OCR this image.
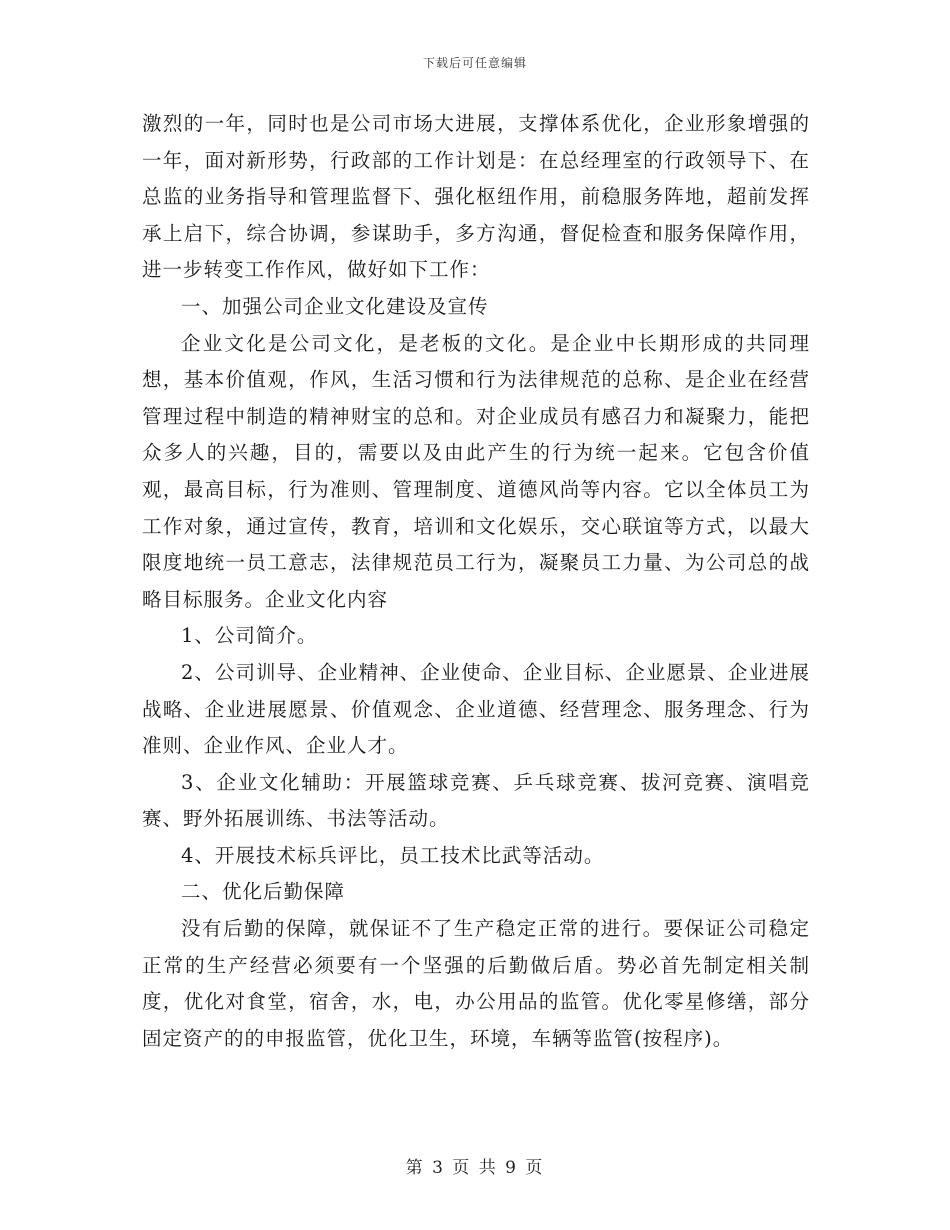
下载后可任意编辑

激烈的一年，同时也是公司市场大进展，支撑体系优化，企业形象增强的一年，面对新形势，行政部的工作计划是：在总经理室的行政领导下、在总监的业务指导和管理监督下、强化枢纽作用，前稳服务阵地，超前发挥承上启下，综合协调，参谋助手，多方沟通，督促检查和服务保障作用，进一步转变工作作风，做好如下工作：

一、加强公司企业文化建设及宣传

企业文化是公司文化，是老板的文化。是企业中长期形成的共同理想，基本价值观，作风，生活习惯和行为法律规范的总称、是企业在经营管理过程中制造的精神财宝的总和。对企业成员有感召力和凝聚力，能把众多人的兴趣，目的，需要以及由此产生的行为统一起来。它包含价值观，最高目标，行为准则、管理制度、道德风尚等内容。它以全体员工为工作对象，通过宣传，教育，培训和文化娱乐，交心联谊等方式，以最大限度地统一员工意志，法律规范员工行为，凝聚员工力量、为公司总的战略目标服务。企业文化内容

1、公司简介。

2、公司训导、企业精神、企业使命、企业目标、企业愿景、企业进展战略、企业进展愿景、价值观念、企业道德、经营理念、服务理念、行为准则、企业作风、企业人才。

3、企业文化辅助：开展篮球竞赛、乒乓球竞赛、拔河竞赛、演唱竞赛、野外拓展训练、书法等活动。

4、开展技术标兵评比，员工技术比武等活动。

二、优化后勤保障

没有后勤的保障，就保证不了生产稳定正常的进行。要保证公司稳定正常的生产经营必须要有一个坚强的后勤做后盾。势必首先制定相关制度，优化对食堂，宿舍，水，电，办公用品的监管。优化零星修缮，部分固定资产的的申报监管，优化卫生，环境，车辆等监管(按程序)。

第 3 页 共 9 页
